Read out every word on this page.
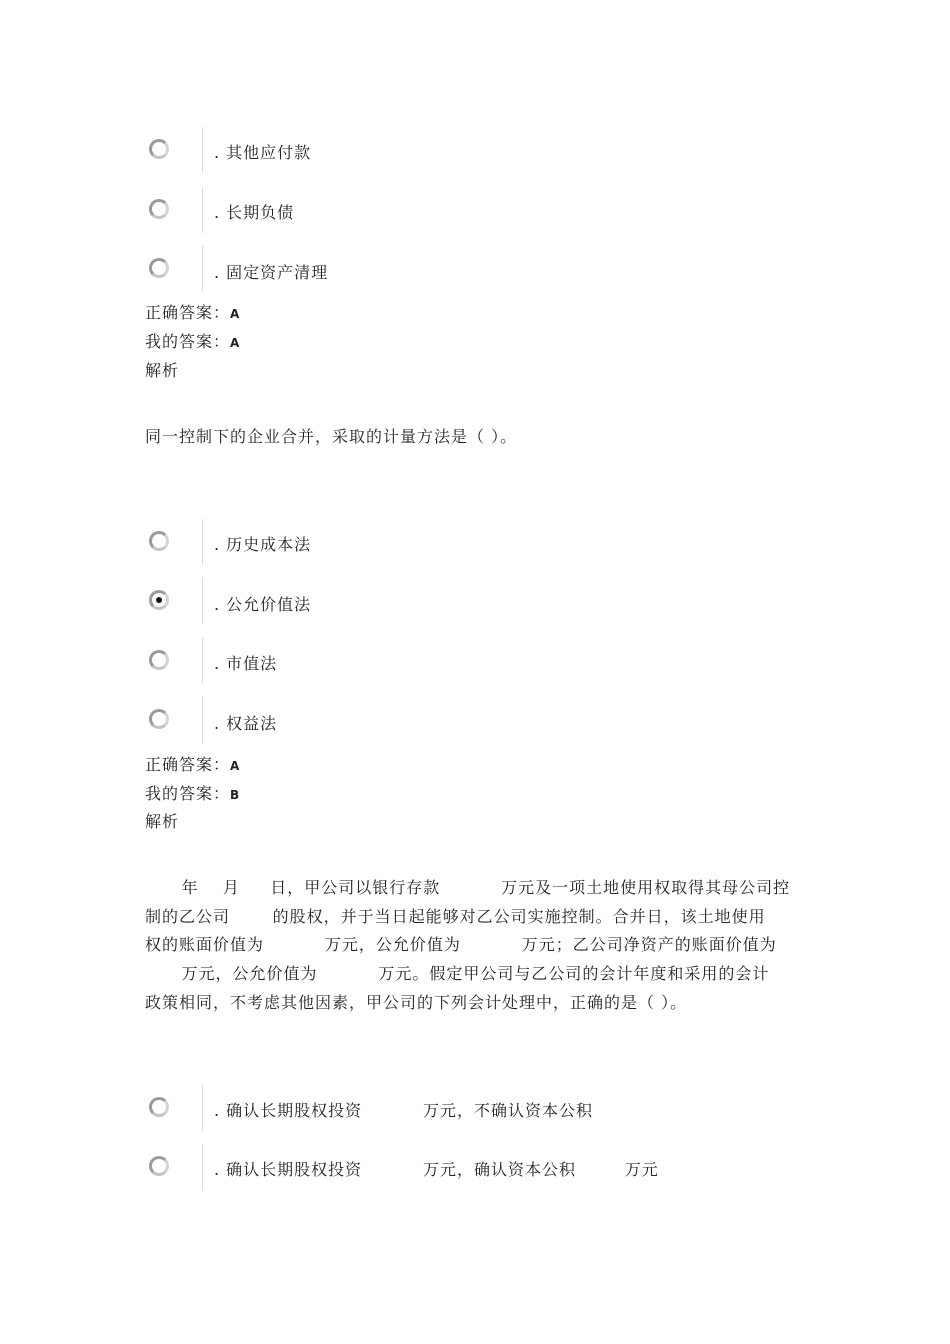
. 其他应付款
. 长期负债
. 固定资产清理
正确答案：A
我的答案：A
解析
同一控制下的企业合并，采取的计量方法是（ ）。
. 历史成本法
. 公允价值法
. 市值法
. 权益法
正确答案：A
我的答案：B
解析
年    月     日，甲公司以银行存款          万元及一项土地使用权取得其母公司控
制的乙公司       的股权，并于当日起能够对乙公司实施控制。合并日，该土地使用
权的账面价值为          万元，公允价值为          万元；乙公司净资产的账面价值为
万元，公允价值为          万元。假定甲公司与乙公司的会计年度和采用的会计
政策相同，不考虑其他因素，甲公司的下列会计处理中，正确的是（ ）。
. 确认长期股权投资          万元，不确认资本公积
. 确认长期股权投资          万元，确认资本公积        万元
